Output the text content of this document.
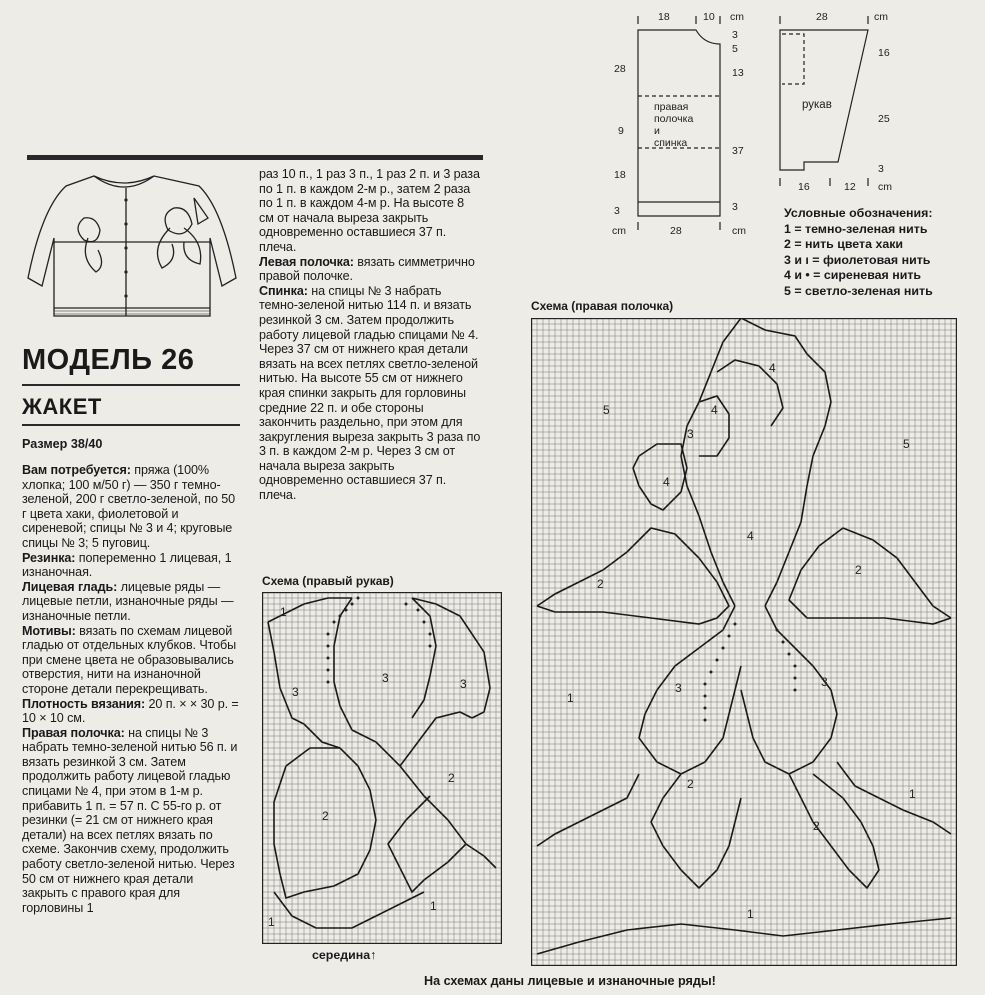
МОДЕЛЬ 26
ЖАКЕТ
Размер 38/40

Вам потребуется: пряжа (100% хлопка; 100 м/50 г) — 350 г темно-зеленой, 200 г светло-зеленой, по 50 г цвета хаки, фиолетовой и сиреневой; спицы № 3 и 4; круговые спицы № 3; 5 пуговиц.

Резинка: попеременно 1 лицевая, 1 изнаночная.

Лицевая гладь: лицевые ряды — лицевые петли, изнаночные ряды — изнаночные петли.

Мотивы: вязать по схемам лицевой гладью от отдельных клубков. Чтобы при смене цвета не образовывались отверстия, нити на изнаночной стороне детали перекрещивать.

Плотность вязания: 20 п. × × 30 р. = 10 × 10 см.

Правая полочка: на спицы № 3 набрать темно-зеленой нитью 56 п. и вязать резинкой 3 см. Затем продолжить работу лицевой гладью спицами № 4, при этом в 1-м р. прибавить 1 п. = 57 п. С 55-го р. от резинки (= 21 см от нижнего края детали) на всех петлях вязать по схеме. Закончив схему, продолжить работу светло-зеленой нитью. Через 50 см от нижнего края детали закрыть с правого края для горловины 1

раз 10 п., 1 раз 3 п., 1 раз 2 п. и 3 раза по 1 п. в каждом 2-м р., затем 2 раза по 1 п. в каждом 4-м р. На высоте 8 см от начала выреза закрыть одновременно оставшиеся 37 п. плеча.

Левая полочка: вязать симметрично правой полочке.

Спинка: на спицы № 3 набрать темно-зеленой нитью 114 п. и вязать резинкой 3 см. Затем продолжить работу лицевой гладью спицами № 4. Через 37 см от нижнего края детали вязать на всех петлях светло-зеленой нитью. На высоте 55 см от нижнего края спинки закрыть для горловины средние 22 п. и обе стороны закончить раздельно, при этом для закругления выреза закрыть 3 раза по 3 п. в каждом 2-м р. Через 3 см от начала выреза закрыть одновременно оставшиеся 37 п. плеча.

18	10 cm
3
5
13
37
3
28
9
18
3
cm	28	cm
правая
полочка
и
спинка
28	cm
16
25
3
16	12 cm
рукав
Условные обозначения:
1 = темно-зеленая нить
2 = нить цвета хаки
3 и ı = фиолетовая нить
4 и • = сиреневая нить
5 = светло-зеленая нить
Схема (правый рукав)
1
3
3	3
2
2
1
1
середина↑
Схема (правая полочка)
5
5
4
4
3
4
4
2
2
1
3	3
2
1
2
1
На схемах даны лицевые и изнаночные ряды!
